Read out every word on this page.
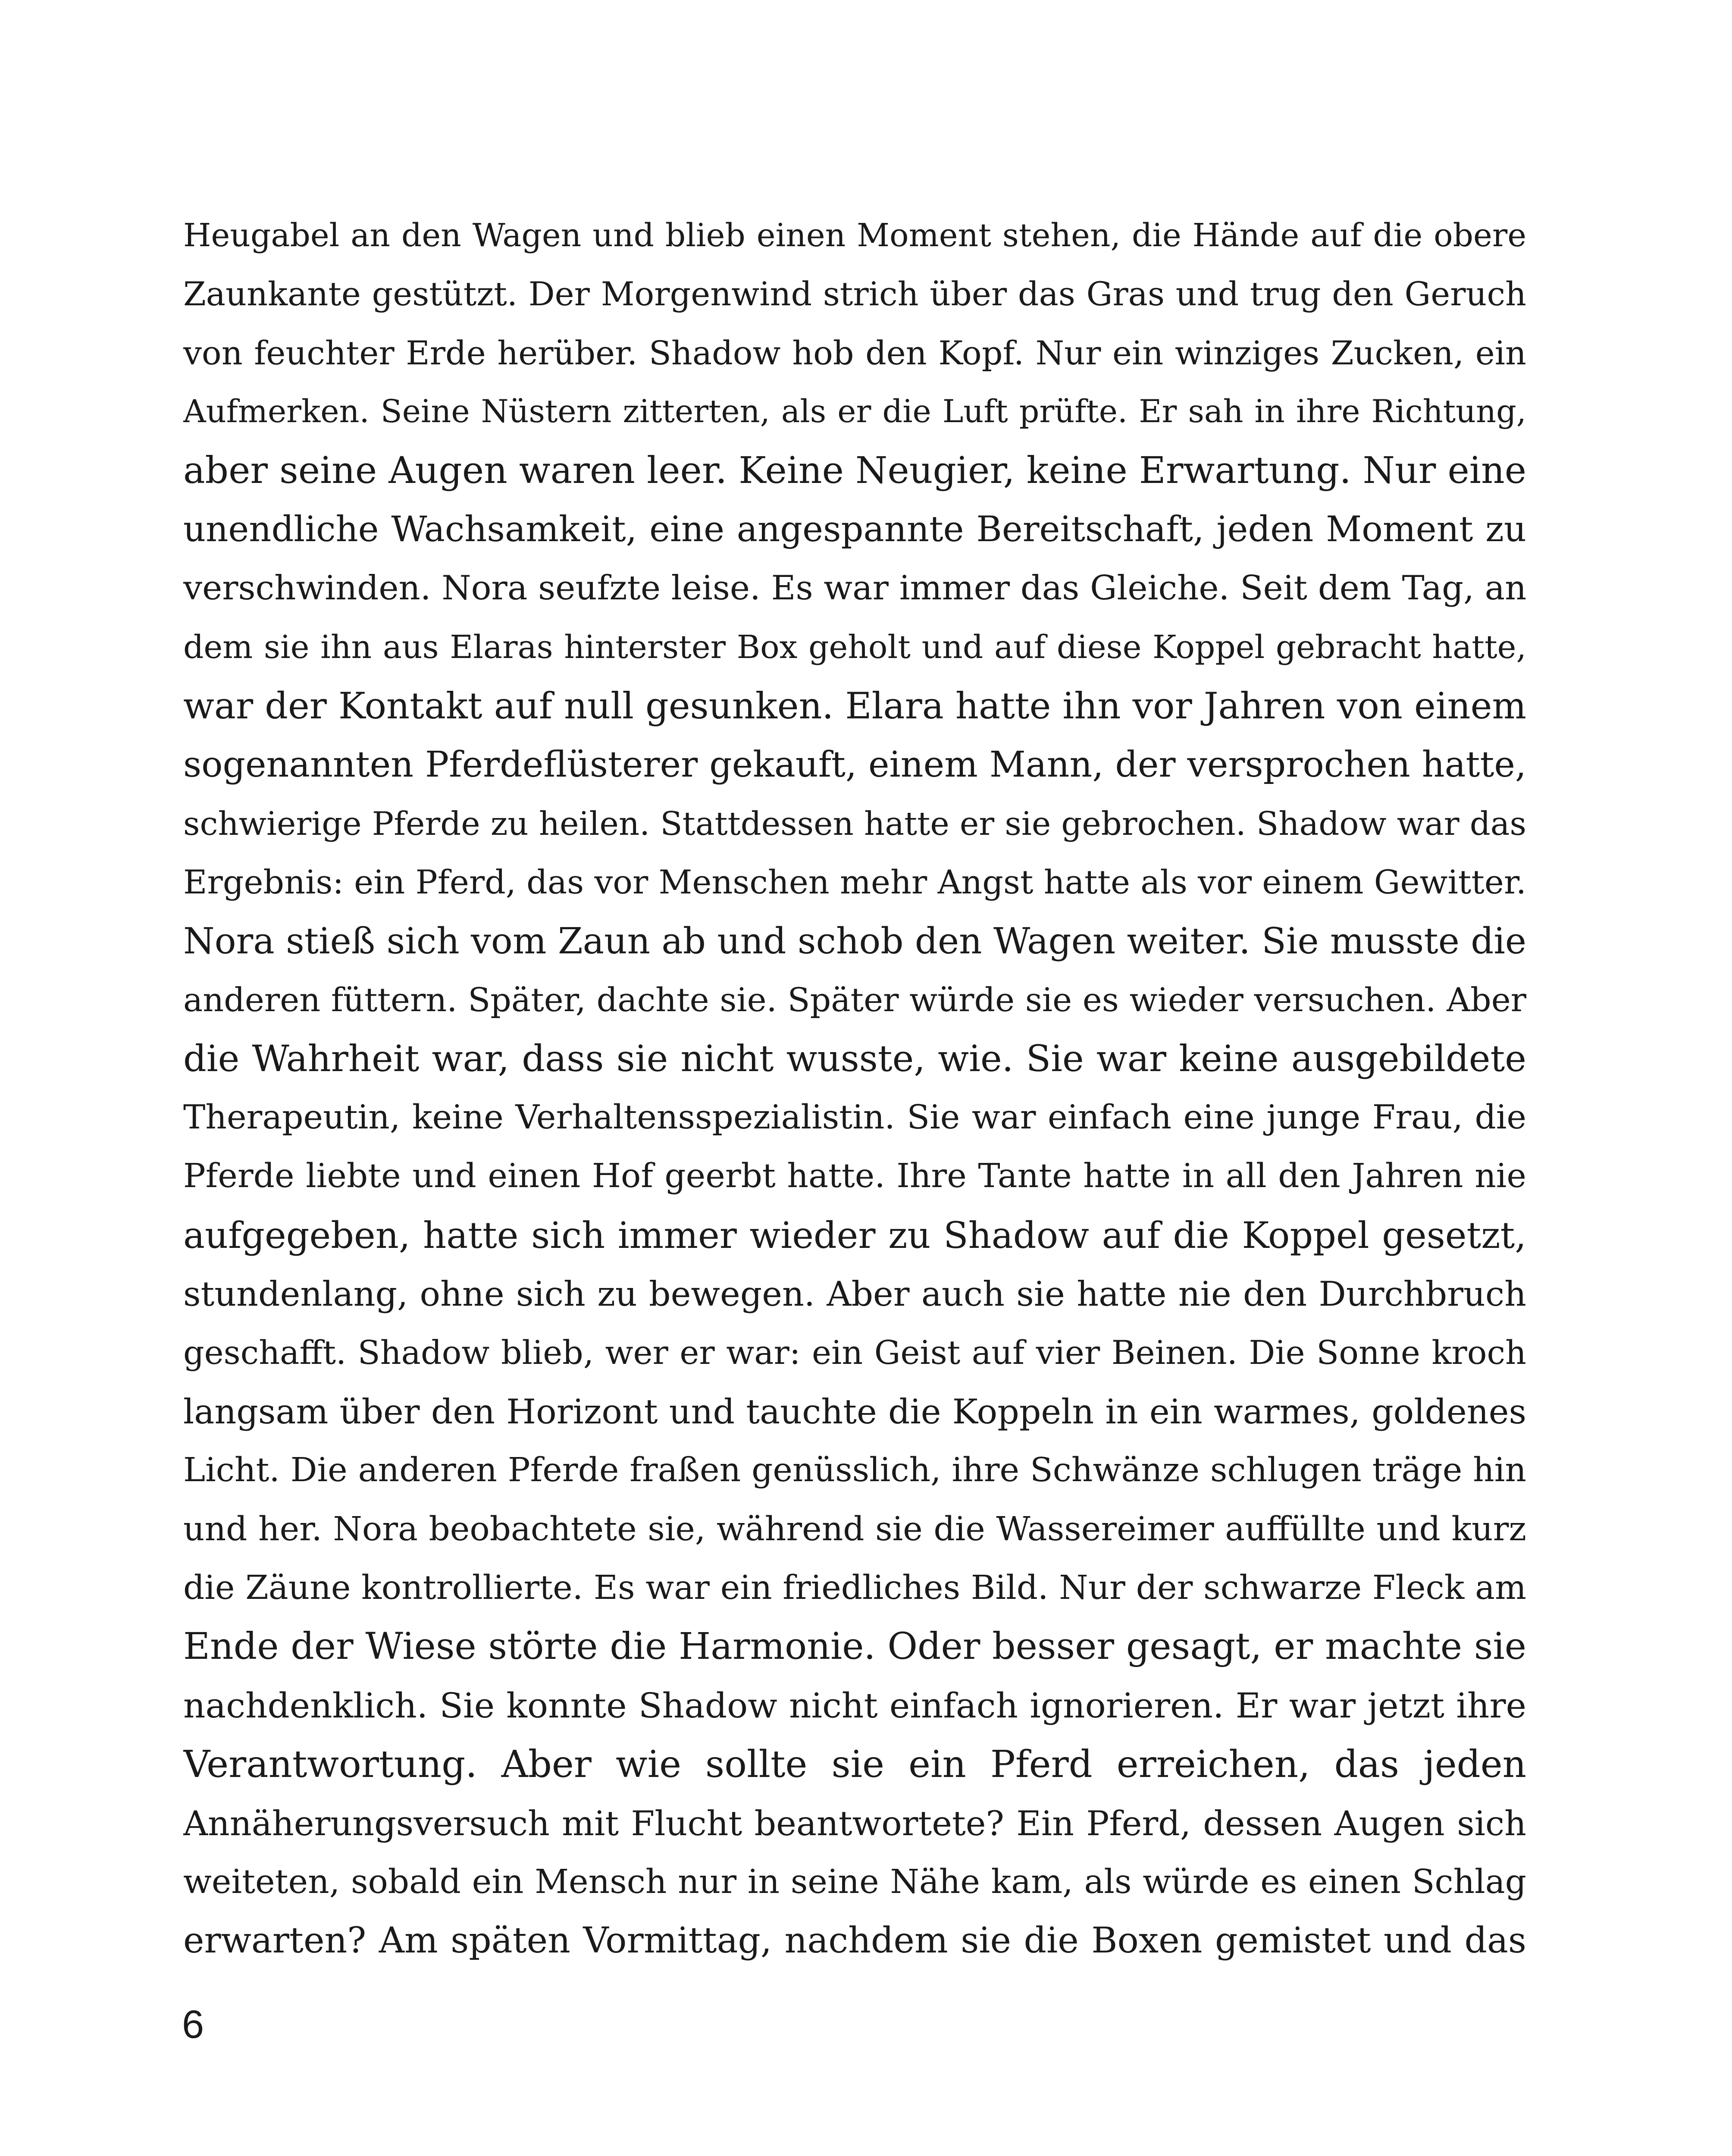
Heugabel an den Wagen und blieb einen Moment stehen, die Hände auf die obere
Zaunkante gestützt. Der Morgenwind strich über das Gras und trug den Geruch
von feuchter Erde herüber. Shadow hob den Kopf. Nur ein winziges Zucken, ein
Aufmerken. Seine Nüstern zitterten, als er die Luft prüfte. Er sah in ihre Richtung,
aber seine Augen waren leer. Keine Neugier, keine Erwartung. Nur eine
unendliche Wachsamkeit, eine angespannte Bereitschaft, jeden Moment zu
verschwinden. Nora seufzte leise. Es war immer das Gleiche. Seit dem Tag, an
dem sie ihn aus Elaras hinterster Box geholt und auf diese Koppel gebracht hatte,
war der Kontakt auf null gesunken. Elara hatte ihn vor Jahren von einem
sogenannten Pferdeflüsterer gekauft, einem Mann, der versprochen hatte,
schwierige Pferde zu heilen. Stattdessen hatte er sie gebrochen. Shadow war das
Ergebnis: ein Pferd, das vor Menschen mehr Angst hatte als vor einem Gewitter.
Nora stieß sich vom Zaun ab und schob den Wagen weiter. Sie musste die
anderen füttern. Später, dachte sie. Später würde sie es wieder versuchen. Aber
die Wahrheit war, dass sie nicht wusste, wie. Sie war keine ausgebildete
Therapeutin, keine Verhaltensspezialistin. Sie war einfach eine junge Frau, die
Pferde liebte und einen Hof geerbt hatte. Ihre Tante hatte in all den Jahren nie
aufgegeben, hatte sich immer wieder zu Shadow auf die Koppel gesetzt,
stundenlang, ohne sich zu bewegen. Aber auch sie hatte nie den Durchbruch
geschafft. Shadow blieb, wer er war: ein Geist auf vier Beinen. Die Sonne kroch
langsam über den Horizont und tauchte die Koppeln in ein warmes, goldenes
Licht. Die anderen Pferde fraßen genüsslich, ihre Schwänze schlugen träge hin
und her. Nora beobachtete sie, während sie die Wassereimer auffüllte und kurz
die Zäune kontrollierte. Es war ein friedliches Bild. Nur der schwarze Fleck am
Ende der Wiese störte die Harmonie. Oder besser gesagt, er machte sie
nachdenklich. Sie konnte Shadow nicht einfach ignorieren. Er war jetzt ihre
Verantwortung. Aber wie sollte sie ein Pferd erreichen, das jeden
Annäherungsversuch mit Flucht beantwortete? Ein Pferd, dessen Augen sich
weiteten, sobald ein Mensch nur in seine Nähe kam, als würde es einen Schlag
erwarten? Am späten Vormittag, nachdem sie die Boxen gemistet und das
6
